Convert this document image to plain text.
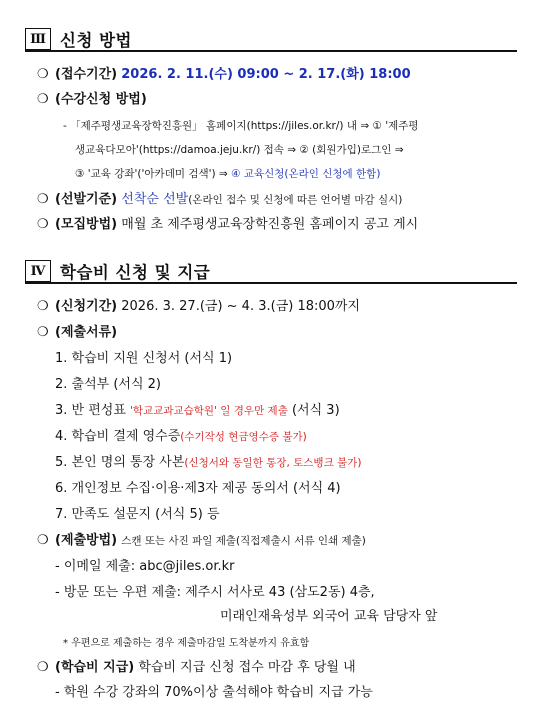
Ⅲ 신청 방법
❍ (접수기간) 2026. 2. 11.(수) 09:00 ~ 2. 17.(화) 18:00
❍ (수강신청 방법)
- 「제주평생교육장학진흥원」 홈페이지(https://jiles.or.kr/) 내 ⇒ ① '제주평
생교육다모아'(https://damoa.jeju.kr/) 접속 ⇒ ② (회원가입)로그인 ⇒
③ '교육 강좌'('아카데미 검색') ⇒ ④ 교육신청(온라인 신청에 한함)
❍ (선발기준) 선착순 선발(온라인 접수 및 신청에 따른 언어별 마감 실시)
❍ (모집방법) 매월 초 제주평생교육장학진흥원 홈페이지 공고 게시
Ⅳ 학습비 신청 및 지급
❍ (신청기간) 2026. 3. 27.(금) ~ 4. 3.(금) 18:00까지
❍ (제출서류)
1. 학습비 지원 신청서 (서식 1)
2. 출석부 (서식 2)
3. 반 편성표 '학교교과교습학원' 일 경우만 제출 (서식 3)
4. 학습비 결제 영수증(수기작성 현금영수증 불가)
5. 본인 명의 통장 사본(신청서와 동일한 통장, 토스뱅크 불가)
6. 개인정보 수집·이용·제3자 제공 동의서 (서식 4)
7. 만족도 설문지 (서식 5) 등
❍ (제출방법) 스캔 또는 사진 파일 제출(직접제출시 서류 인쇄 제출)
- 이메일 제출: abc@jiles.or.kr
- 방문 또는 우편 제출: 제주시 서사로 43 (삼도2동) 4층,
미래인재육성부 외국어 교육 담당자 앞
* 우편으로 제출하는 경우 제출마감일 도착분까지 유효함
❍ (학습비 지급) 학습비 지급 신청 접수 마감 후 당월 내
- 학원 수강 강좌의 70%이상 출석해야 학습비 지급 가능
